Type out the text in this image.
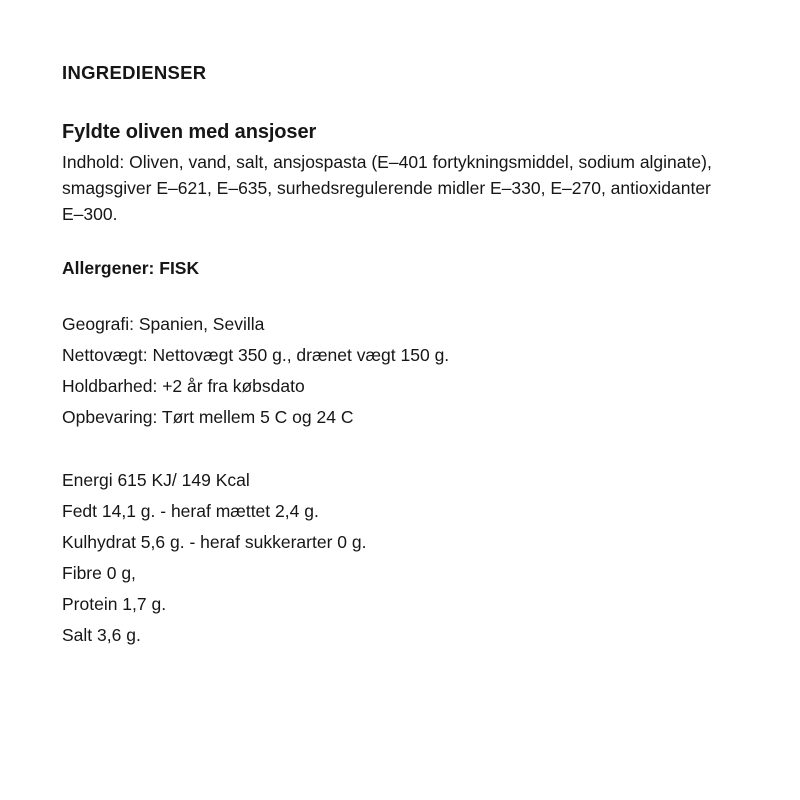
INGREDIENSER
Fyldte oliven med ansjoser

Indhold: Oliven, vand, salt, ansjospasta (E–401 fortykningsmiddel, sodium alginate), smagsgiver E–621, E–635, surhedsregulerende midler E–330, E–270, antioxidanter E–300.

Allergener: FISK

Geografi: Spanien, Sevilla

Nettovægt: Nettovægt 350 g., drænet vægt 150 g.

Holdbarhed: +2 år fra købsdato

Opbevaring: Tørt mellem 5 C og 24 C

Energi 615 KJ/ 149 Kcal

Fedt 14,1 g. - heraf mættet 2,4 g.

Kulhydrat 5,6 g. - heraf sukkerarter 0 g.

Fibre 0 g,

Protein 1,7 g.

Salt 3,6 g.
